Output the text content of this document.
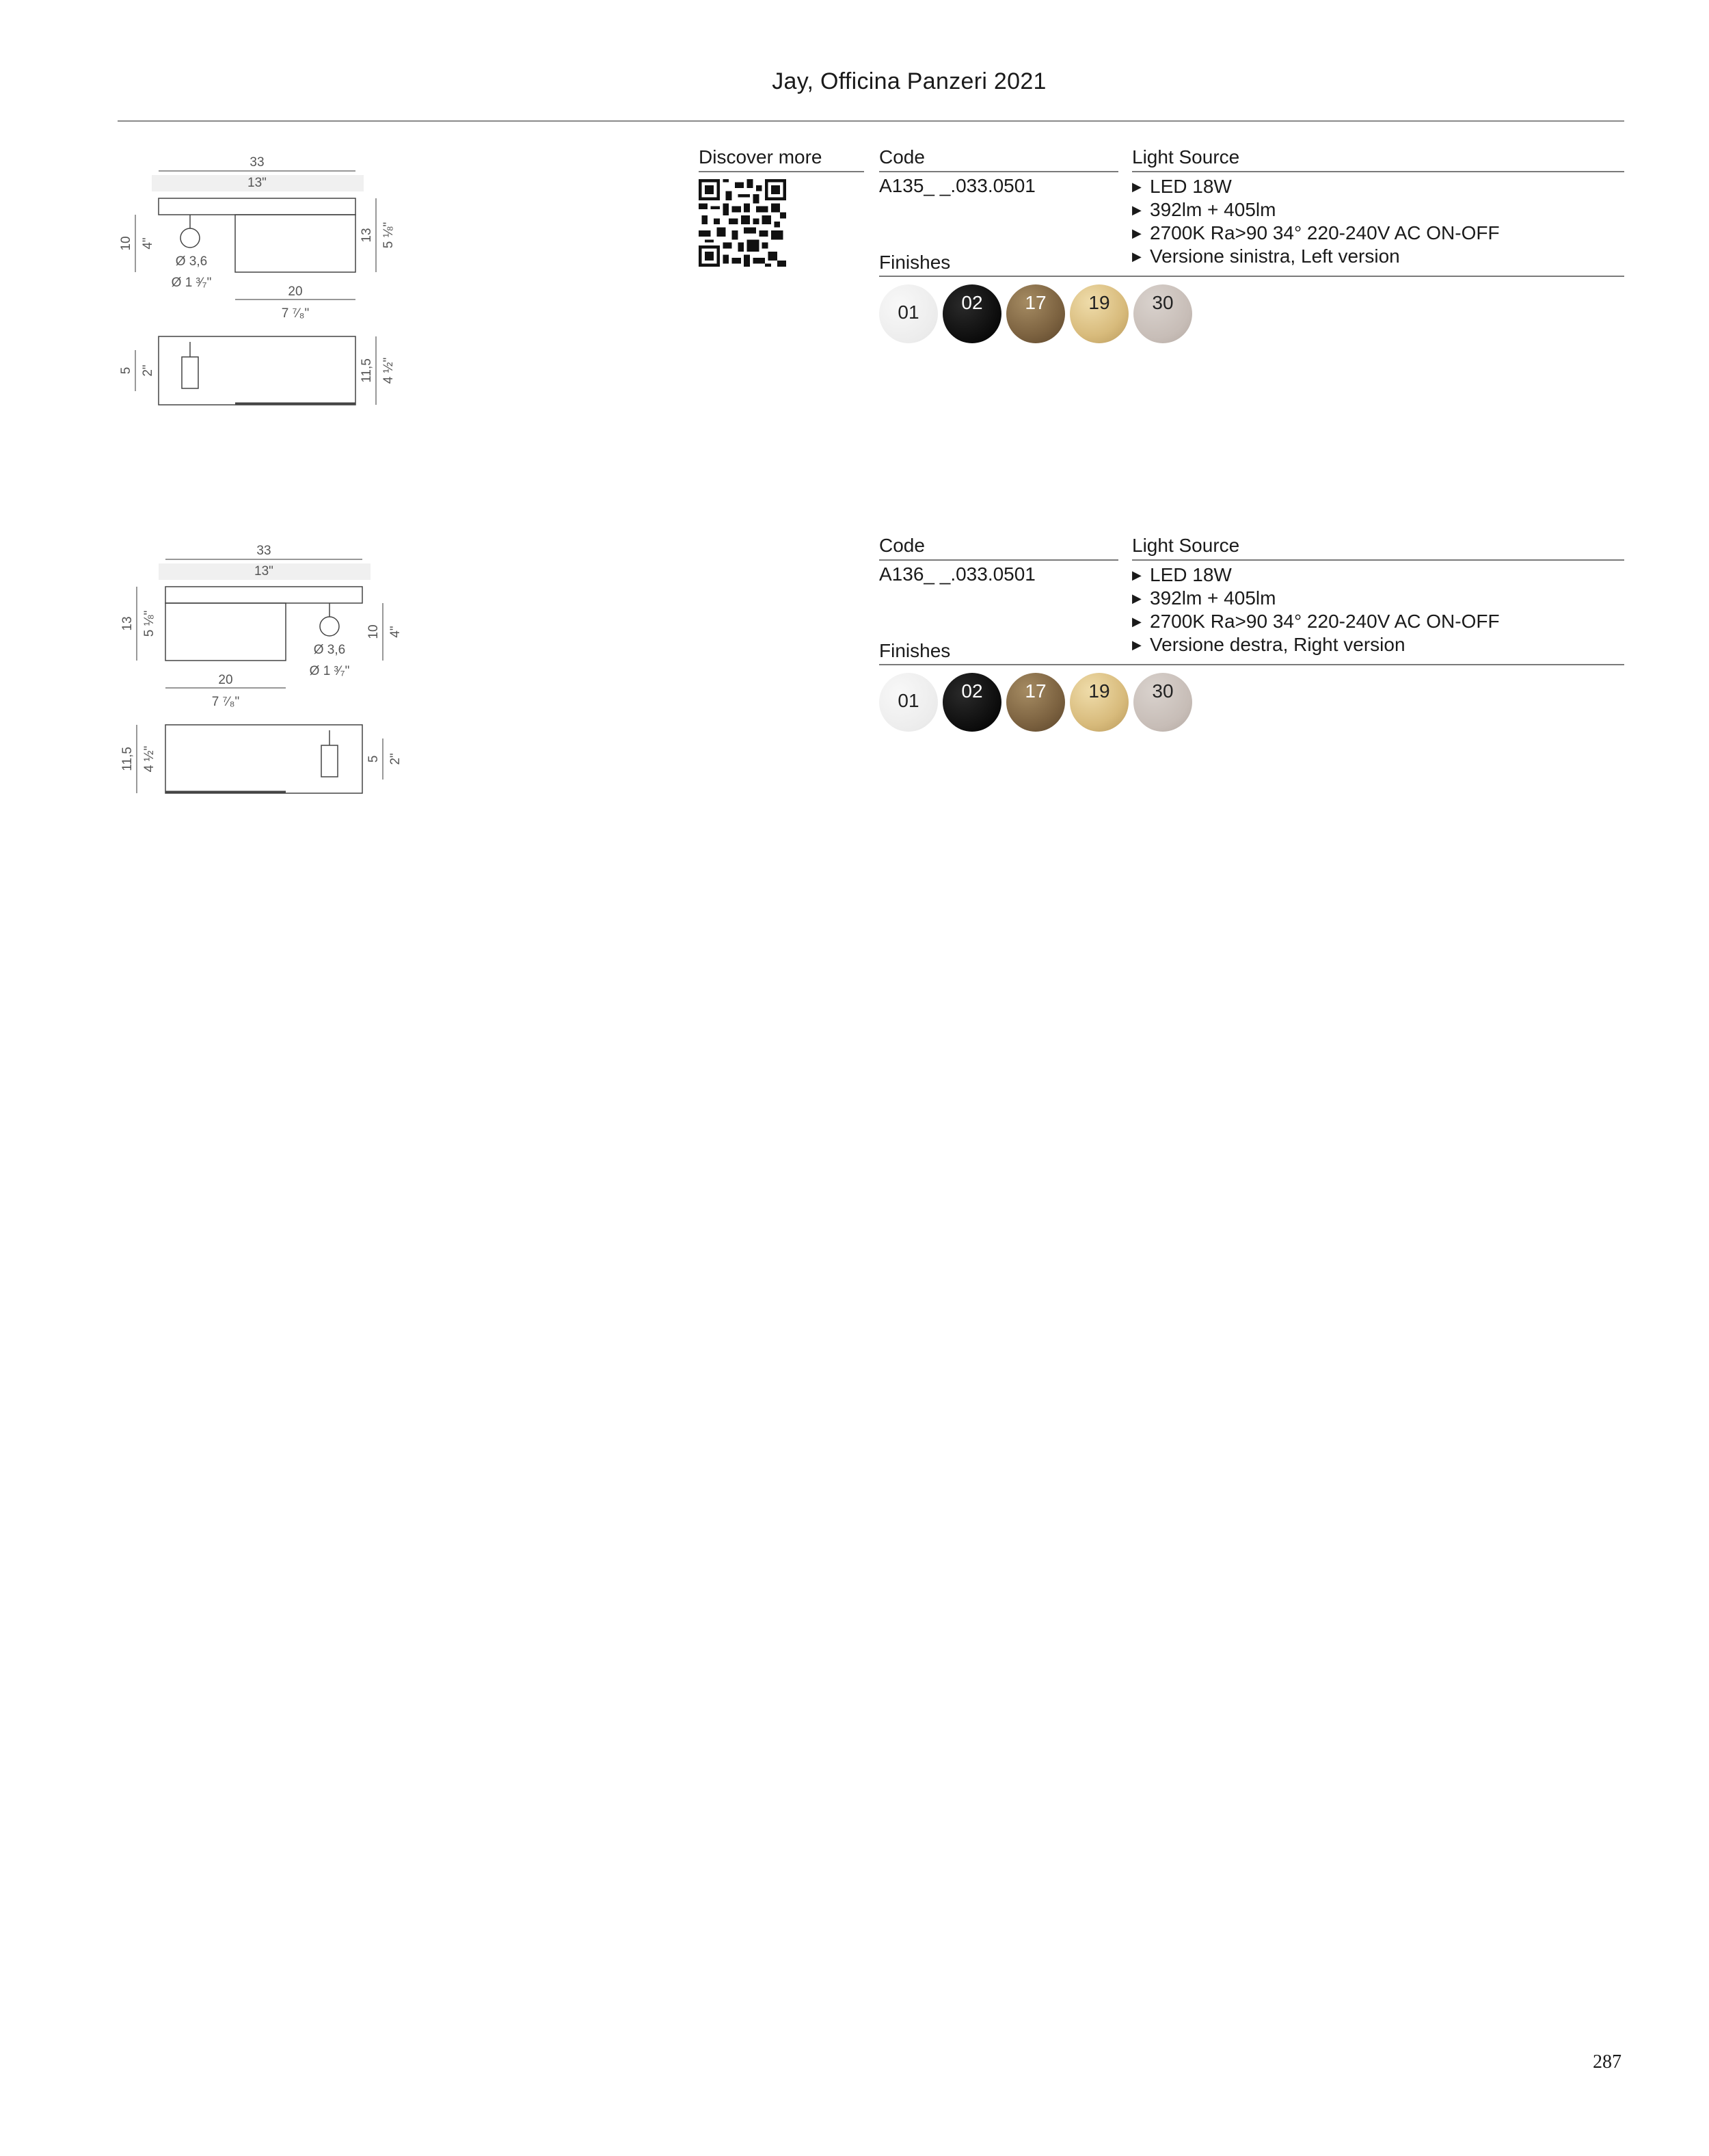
Jay, Officina Panzeri 2021
33
13"
10 4"
Ø 3,6
Ø 1 ³⁄₇"
13 5 ⅛"
20
7 ⁷⁄₈"
5 2"	11,5 4 ½"
Discover more	Code
A135_ _.033.0501
Finishes
Light Source
▶ LED 18W
▶ 392lm + 405lm
▶ 2700K Ra>90 34° 220-240V AC ON-OFF
▶ Versione sinistra, Left version
01	02	17	19	30
33
13"
13 5 ⅛"	10 4"
Ø 3,6
Ø 1 ³⁄₇"
20
7 ⁷⁄₈"
11,5 4 ½"	5 2"
Code
A136_ _.033.0501
Finishes
Light Source
▶ LED 18W
▶ 392lm + 405lm
▶ 2700K Ra>90 34° 220-240V AC ON-OFF
▶ Versione destra, Right version
01	02	17	19	30
287
